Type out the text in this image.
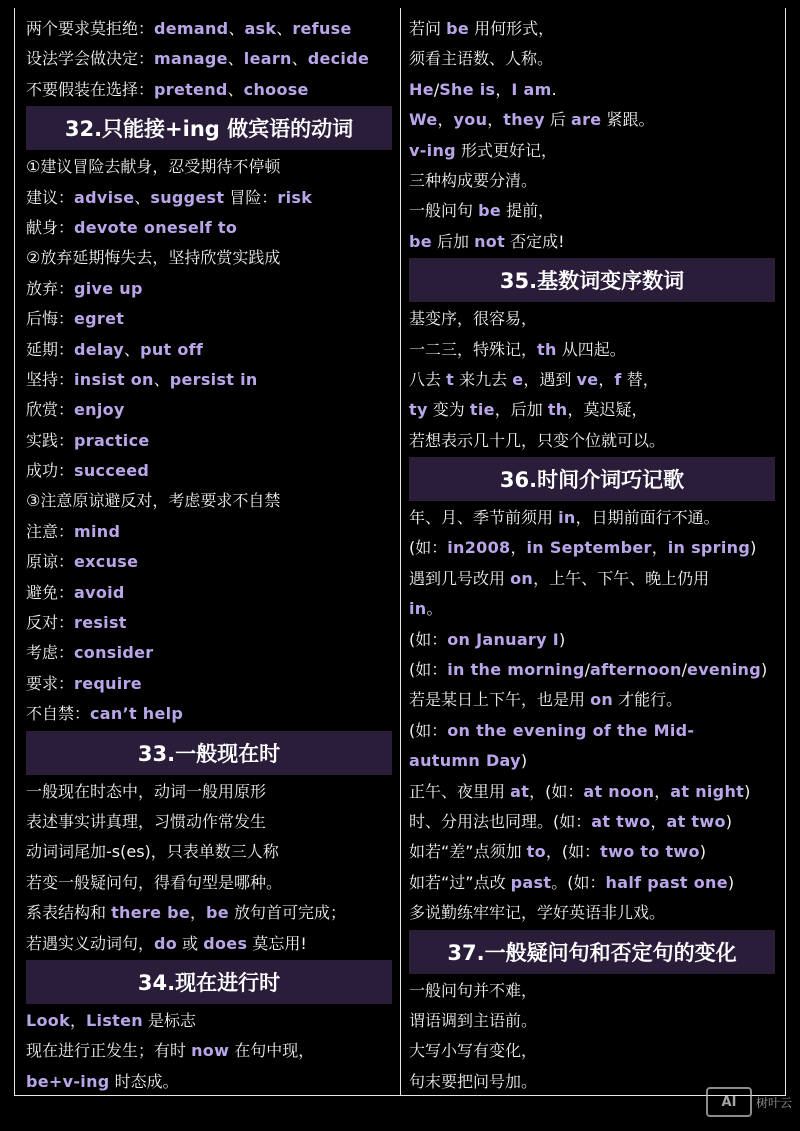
两个要求莫拒绝：demand、ask、refuse
设法学会做决定：manage、learn、decide
不要假装在选择：pretend、choose
32.只能接+ing 做宾语的动词
①建议冒险去献身，忍受期待不停顿
建议：advise、suggest 冒险：risk
献身：devote oneself to
②放弃延期悔失去，坚持欣赏实践成
放弃：give up
后悔：egret
延期：delay、put off
坚持：insist on、persist in
欣赏：enjoy
实践：practice
成功：succeed
③注意原谅避反对，考虑要求不自禁
注意：mind
原谅：excuse
避免：avoid
反对：resist
考虑：consider
要求：require
不自禁：can’t help
33.一般现在时
一般现在时态中，动词一般用原形
表述事实讲真理，习惯动作常发生
动词词尾加-s(es)，只表单数三人称
若变一般疑问句，得看句型是哪种。
系表结构和 there be，be 放句首可完成；
若遇实义动词句，do 或 does 莫忘用!
34.现在进行时
Look，Listen 是标志
现在进行正发生；有时 now 在句中现，
be+v-ing 时态成。
若问 be 用何形式，
须看主语数、人称。
He/She is，I am.
We，you，they 后 are 紧跟。
v-ing 形式更好记，
三种构成要分清。
一般问句 be 提前，
be 后加 not 否定成!
35.基数词变序数词
基变序，很容易，
一二三，特殊记，th 从四起。
八去 t 来九去 e，遇到 ve，f 替，
ty 变为 tie，后加 th，莫迟疑，
若想表示几十几，只变个位就可以。
36.时间介词巧记歌
年、月、季节前须用 in，日期前面行不通。
(如：in2008，in September，in spring)
遇到几号改用 on，上午、下午、晚上仍用
in。
(如：on January I)
(如：in the morning/afternoon/evening)
若是某日上下午，也是用 on 才能行。
(如：on the evening of the Mid-
autumn Day)
正午、夜里用 at，(如：at noon，at night)
时、分用法也同理。(如：at two，at two)
如若“差”点须加 to，(如：two to two)
如若“过”点改 past。(如：half past one)
多说勤练牢牢记，学好英语非儿戏。
37.一般疑问句和否定句的变化
一般问句并不难，
谓语调到主语前。
大写小写有变化，
句末要把问号加。
AI	树叶云
